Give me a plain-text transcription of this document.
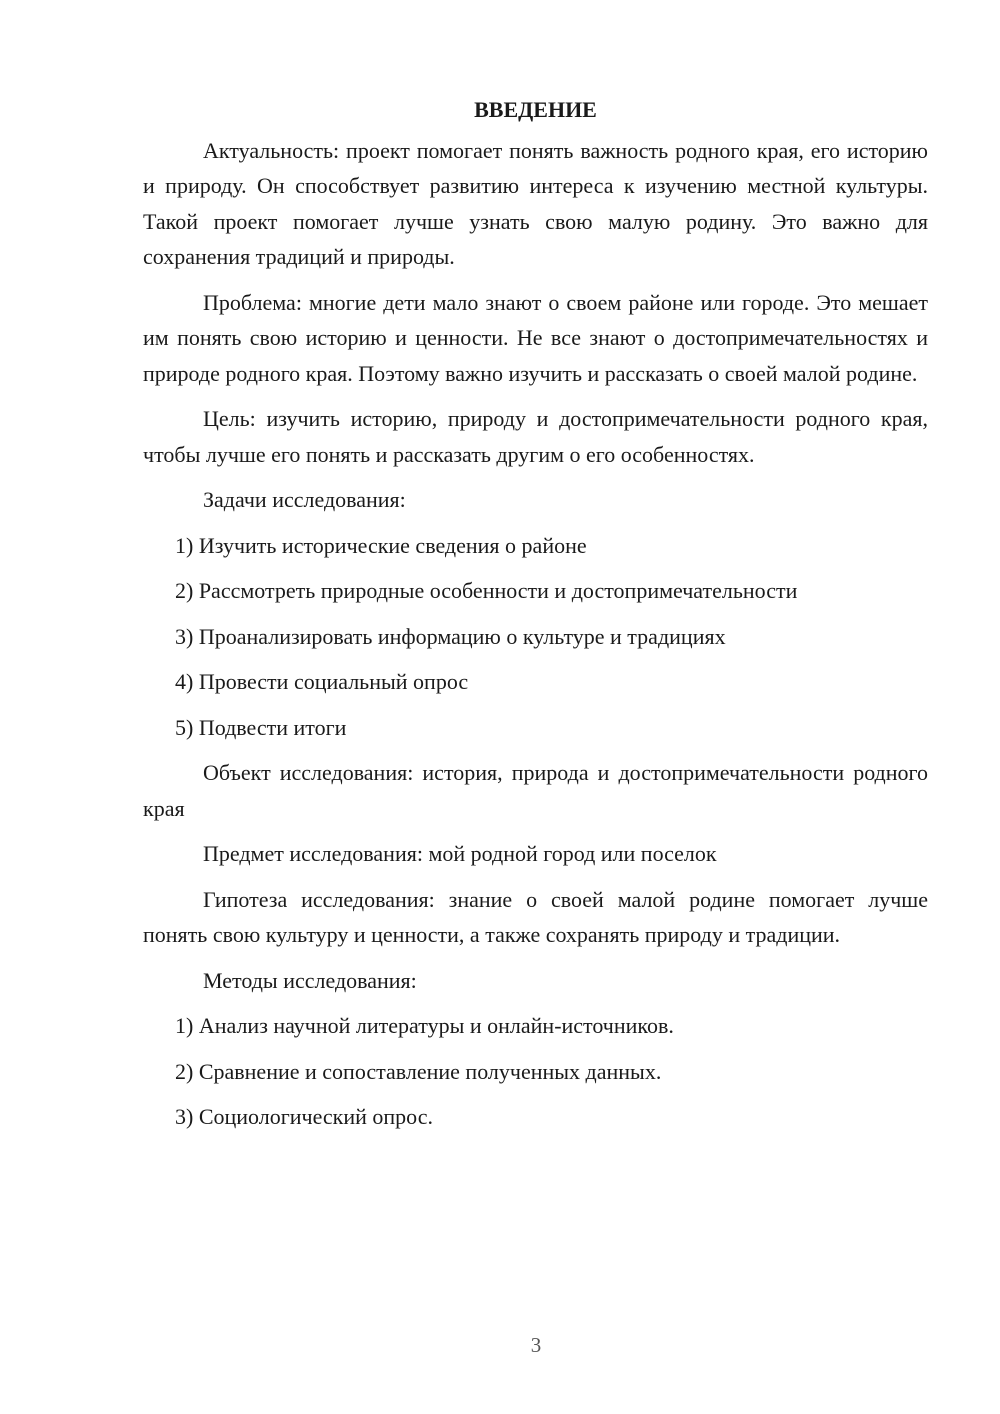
ВВЕДЕНИЕ

Актуальность: проект помогает понять важность родного края, его историю и природу. Он способствует развитию интереса к изучению местной культуры. Такой проект помогает лучше узнать свою малую родину. Это важно для сохранения традиций и природы.

Проблема: многие дети мало знают о своем районе или городе. Это мешает им понять свою историю и ценности. Не все знают о достопримечательностях и природе родного края. Поэтому важно изучить и рассказать о своей малой родине.

Цель: изучить историю, природу и достопримечательности родного края, чтобы лучше его понять и рассказать другим о его особенностях.

Задачи исследования:
1) Изучить исторические сведения о районе
2) Рассмотреть природные особенности и достопримечательности
3) Проанализировать информацию о культуре и традициях
4) Провести социальный опрос
5) Подвести итоги

Объект исследования: история, природа и достопримечательности родного края

Предмет исследования: мой родной город или поселок

Гипотеза исследования: знание о своей малой родине помогает лучше понять свою культуру и ценности, а также сохранять природу и традиции.

Методы исследования:
1) Анализ научной литературы и онлайн-источников.
2) Сравнение и сопоставление полученных данных.
3) Социологический опрос.
3
